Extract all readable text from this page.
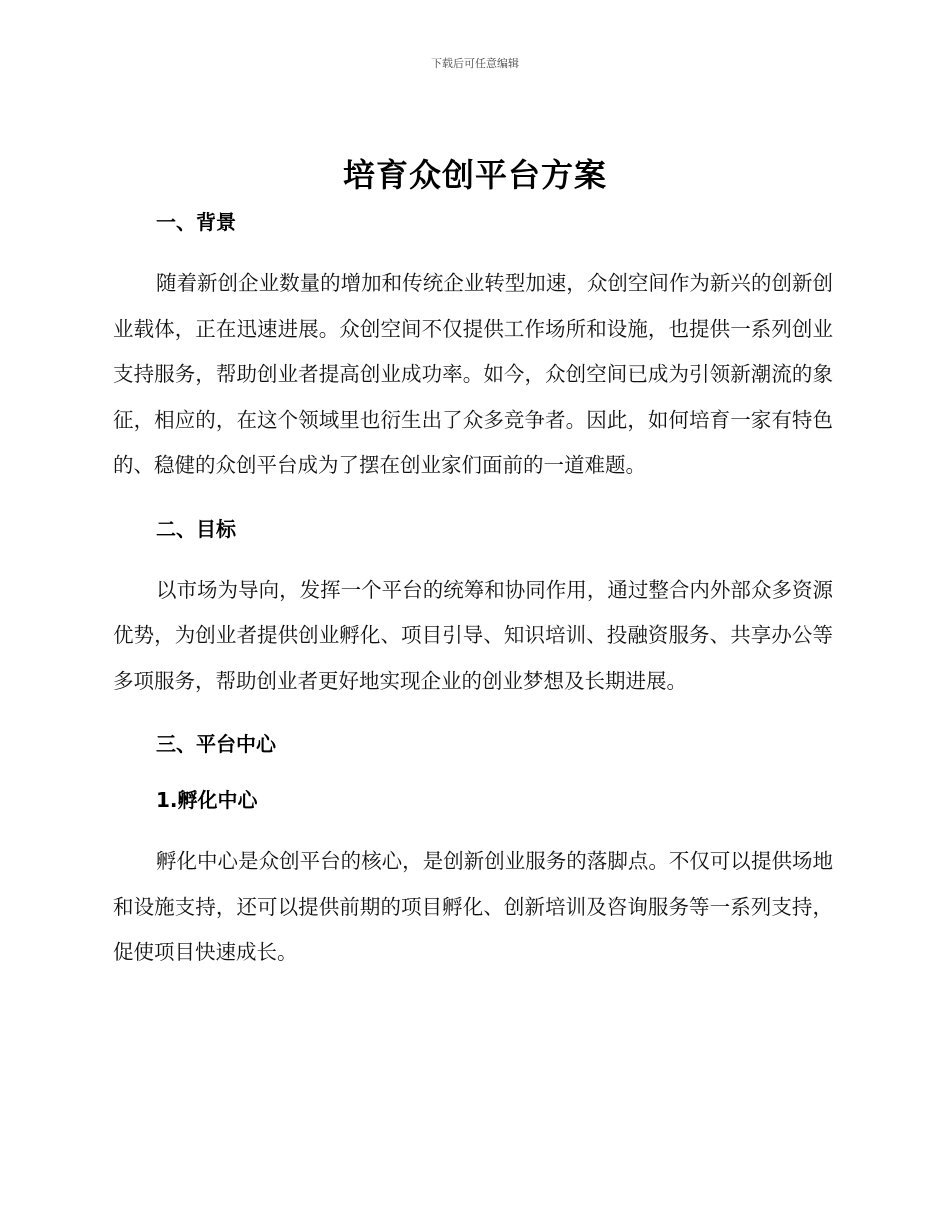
下载后可任意编辑
培育众创平台方案
一、背景

随着新创企业数量的增加和传统企业转型加速，众创空间作为新兴的创新创业载体，正在迅速进展。众创空间不仅提供工作场所和设施，也提供一系列创业支持服务，帮助创业者提高创业成功率。如今，众创空间已成为引领新潮流的象征，相应的，在这个领域里也衍生出了众多竞争者。因此，如何培育一家有特色的、稳健的众创平台成为了摆在创业家们面前的一道难题。

二、目标

以市场为导向，发挥一个平台的统筹和协同作用，通过整合内外部众多资源优势，为创业者提供创业孵化、项目引导、知识培训、投融资服务、共享办公等多项服务，帮助创业者更好地实现企业的创业梦想及长期进展。

三、平台中心
1.孵化中心

孵化中心是众创平台的核心，是创新创业服务的落脚点。不仅可以提供场地和设施支持，还可以提供前期的项目孵化、创新培训及咨询服务等一系列支持，促使项目快速成长。
